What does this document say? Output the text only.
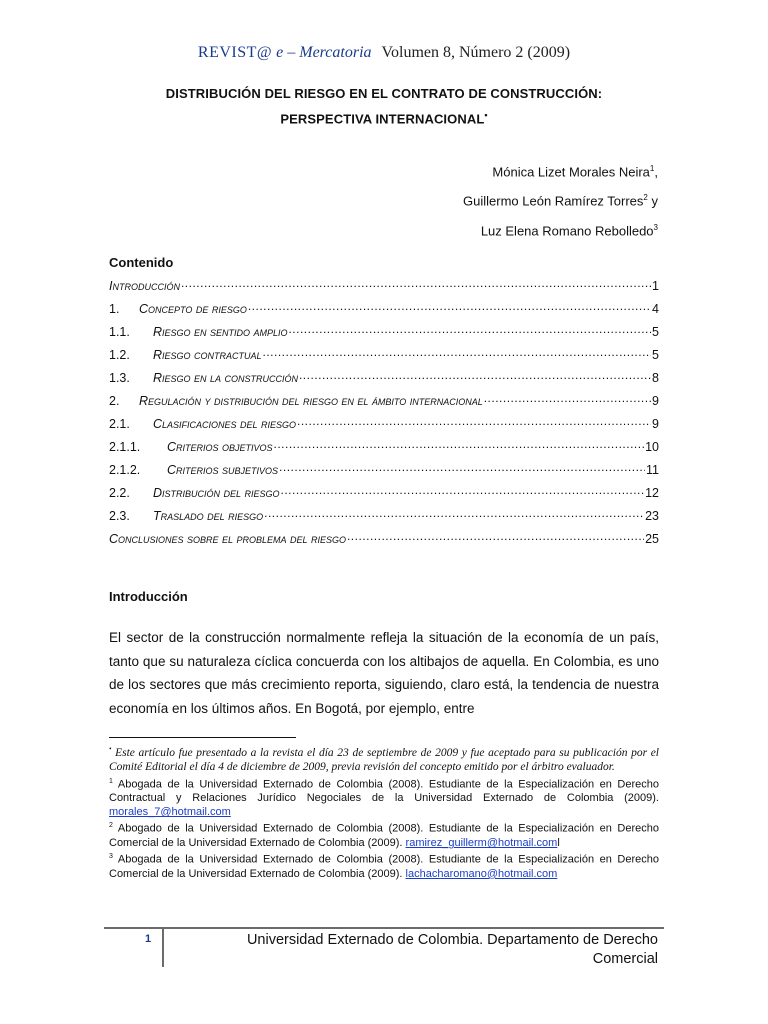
REVIST@ e – Mercatoria Volumen 8, Número 2 (2009)
DISTRIBUCIÓN DEL RIESGO EN EL CONTRATO DE CONSTRUCCIÓN:
PERSPECTIVA INTERNACIONAL•
Mónica Lizet Morales Neira$^1$,
Guillermo León Ramírez Torres$^2$ y
Luz Elena Romano Rebolledo$^3$
Contenido
Introducción .....	1
1.	Concepto de riesgo .....	4
1.1.	Riesgo en sentido amplio .....	5
1.2.	Riesgo contractual .....	5
1.3.	Riesgo en la construcción .....	8
2.	Regulación y distribución del riesgo en el ámbito internacional .....	9
2.1.	Clasificaciones del riesgo .....	9
2.1.1.	Criterios objetivos .....	10
2.1.2.	Criterios subjetivos .....	11
2.2.	Distribución del riesgo .....	12
2.3.	Traslado del riesgo .....	23
Conclusiones sobre el problema del riesgo .....	25
Introducción
El sector de la construcción normalmente refleja la situación de la economía de un país, tanto que su naturaleza cíclica concuerda con los altibajos de aquella. En Colombia, es uno de los sectores que más crecimiento reporta, siguiendo, claro está, la tendencia de nuestra economía en los últimos años. En Bogotá, por ejemplo, entre
• Este artículo fue presentado a la revista el día 23 de septiembre de 2009 y fue aceptado para su publicación por el Comité Editorial el día 4 de diciembre de 2009, previa revisión del concepto emitido por el árbitro evaluador.
$^1$ Abogada de la Universidad Externado de Colombia (2008). Estudiante de la Especialización en Derecho Contractual y Relaciones Jurídico Negociales de la Universidad Externado de Colombia (2009). morales_7@hotmail.com
$^2$ Abogado de la Universidad Externado de Colombia (2008). Estudiante de la Especialización en Derecho Comercial de la Universidad Externado de Colombia (2009). ramirez_guillerm@hotmail.coml
$^3$ Abogada de la Universidad Externado de Colombia (2008). Estudiante de la Especialización en Derecho Comercial de la Universidad Externado de Colombia (2009). lachacharomano@hotmail.com
1	Universidad Externado de Colombia. Departamento de Derecho Comercial
